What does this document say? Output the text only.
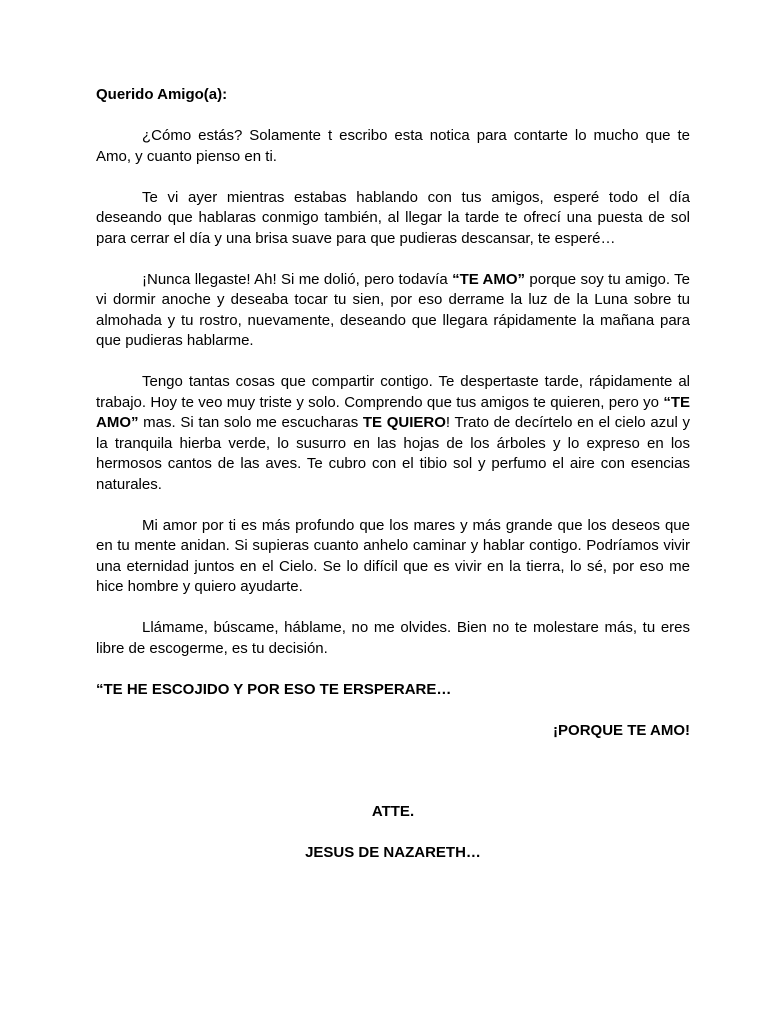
Querido Amigo(a):

¿Cómo estás? Solamente t escribo esta notica para contarte lo mucho que te Amo, y cuanto pienso en ti.

Te vi ayer mientras estabas hablando con tus amigos, esperé todo el día deseando que hablaras conmigo también, al llegar la tarde te ofrecí una puesta de sol para cerrar el día y una brisa suave para que pudieras descansar, te esperé…

¡Nunca llegaste! Ah! Si me dolió, pero todavía “TE AMO” porque soy tu amigo. Te vi dormir anoche y deseaba tocar tu sien, por eso derrame la luz de la Luna sobre tu almohada y tu rostro, nuevamente, deseando que llegara rápidamente la mañana para que pudieras hablarme.

Tengo tantas cosas que compartir contigo. Te despertaste tarde, rápidamente al trabajo. Hoy te veo muy triste y solo. Comprendo que tus amigos te quieren, pero yo “TE AMO” mas. Si tan solo me escucharas TE QUIERO! Trato de decírtelo en el cielo azul y la tranquila hierba verde, lo susurro en las hojas de los árboles y lo expreso en los hermosos cantos de las aves. Te cubro con el tibio sol y perfumo el aire con esencias naturales.

Mi amor por ti es más profundo que los mares y más grande que los deseos que en tu mente anidan. Si supieras cuanto anhelo caminar y hablar contigo. Podríamos vivir una eternidad juntos en el Cielo. Se lo difícil que es vivir en la tierra, lo sé, por eso me hice hombre y quiero ayudarte.

Llámame, búscame, háblame, no me olvides. Bien no te molestare más, tu eres libre de escogerme, es tu decisión.

“TE HE ESCOJIDO Y POR ESO TE ERSPERARE…
¡PORQUE TE AMO!
ATTE.
JESUS DE NAZARETH…
